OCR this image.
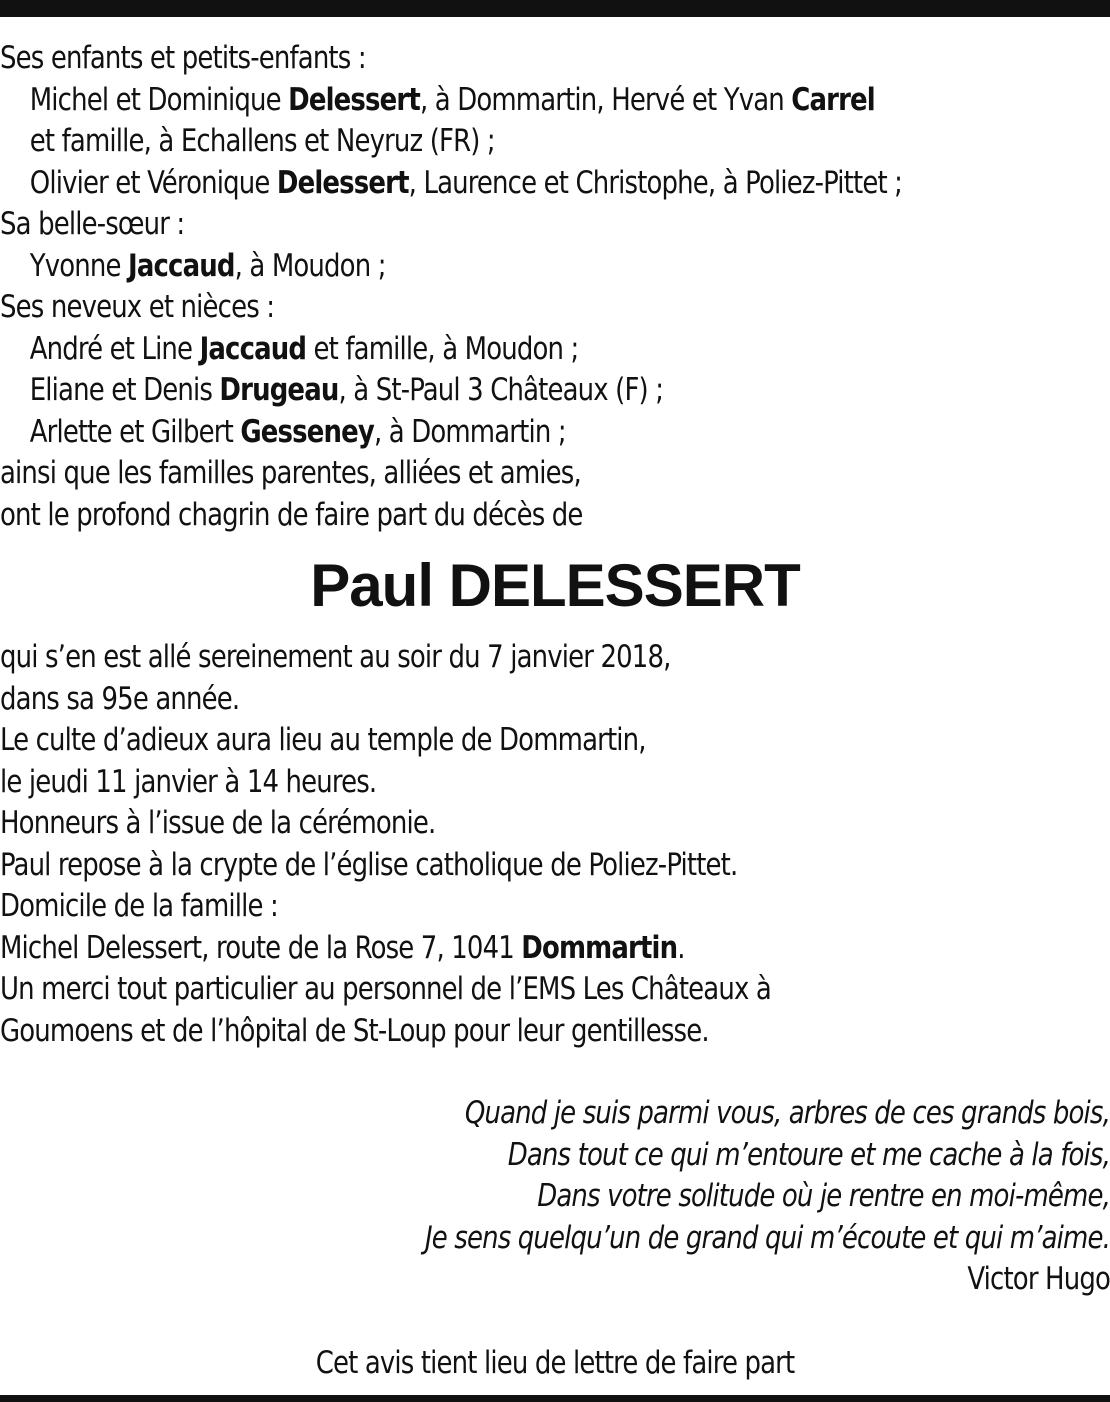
Ses enfants et petits-enfants :
Michel et Dominique Delessert, à Dommartin, Hervé et Yvan Carrel
et famille, à Echallens et Neyruz (FR) ;
Olivier et Véronique Delessert, Laurence et Christophe, à Poliez-Pittet ;
Sa belle-sœur :
Yvonne Jaccaud, à Moudon ;
Ses neveux et nièces :
André et Line Jaccaud et famille, à Moudon ;
Eliane et Denis Drugeau, à St-Paul 3 Châteaux (F) ;
Arlette et Gilbert Gesseney, à Dommartin ;
ainsi que les familles parentes, alliées et amies,
ont le profond chagrin de faire part du décès de
Paul DELESSERT
qui s’en est allé sereinement au soir du 7 janvier 2018,
dans sa 95e année.
Le culte d’adieux aura lieu au temple de Dommartin,
le jeudi 11 janvier à 14 heures.
Honneurs à l’issue de la cérémonie.
Paul repose à la crypte de l’église catholique de Poliez-Pittet.
Domicile de la famille :
Michel Delessert, route de la Rose 7, 1041 Dommartin.
Un merci tout particulier au personnel de l’EMS Les Châteaux à
Goumoens et de l’hôpital de St-Loup pour leur gentillesse.
Quand je suis parmi vous, arbres de ces grands bois,
Dans tout ce qui m’entoure et me cache à la fois,
Dans votre solitude où je rentre en moi-même,
Je sens quelqu’un de grand qui m’écoute et qui m’aime.
Victor Hugo
Cet avis tient lieu de lettre de faire part
